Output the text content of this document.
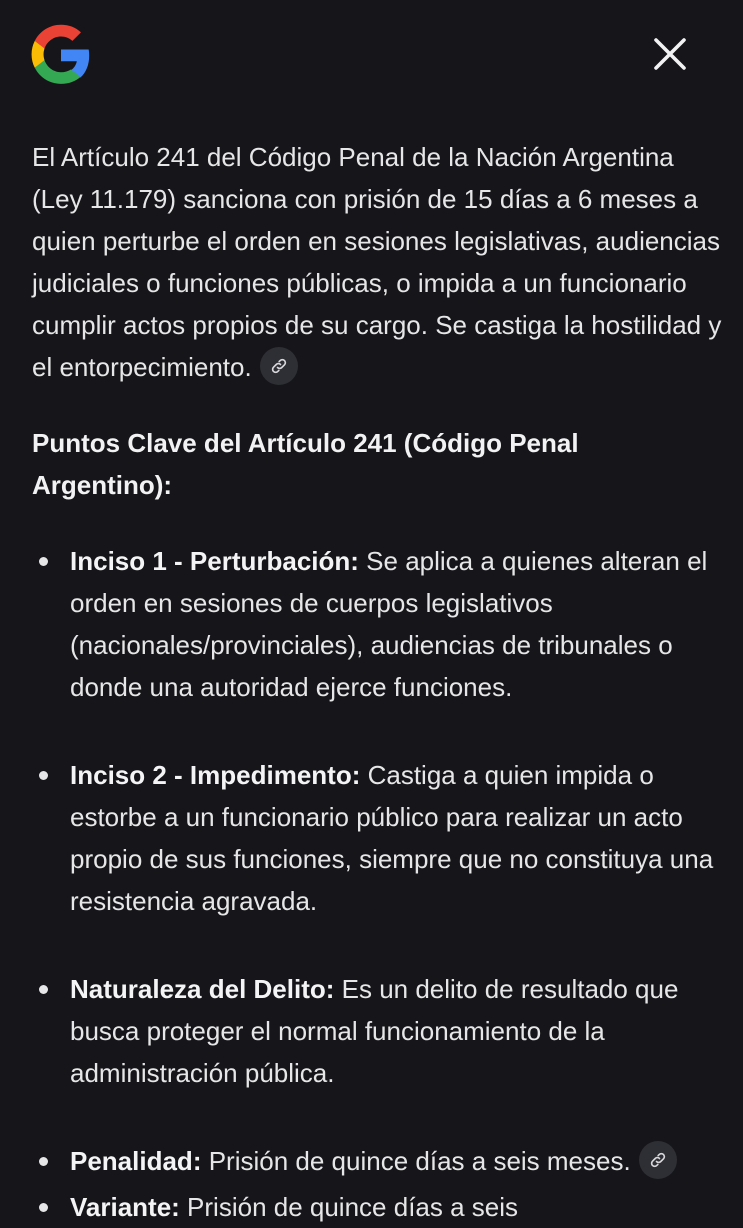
El Artículo 241 del Código Penal de la Nación Argentina (Ley 11.179) sanciona con prisión de 15 días a 6 meses a quien perturbe el orden en sesiones legislativas, audiencias judiciales o funciones públicas, o impida a un funcionario cumplir actos propios de su cargo. Se castiga la hostilidad y el entorpecimiento.

Puntos Clave del Artículo 241 (Código Penal Argentino):

Inciso 1 - Perturbación: Se aplica a quienes alteran el orden en sesiones de cuerpos legislativos (nacionales/provinciales), audiencias de tribunales o donde una autoridad ejerce funciones.
Inciso 2 - Impedimento: Castiga a quien impida o estorbe a un funcionario público para realizar un acto propio de sus funciones, siempre que no constituya una resistencia agravada.
Naturaleza del Delito: Es un delito de resultado que busca proteger el normal funcionamiento de la administración pública.
Penalidad: Prisión de quince días a seis meses.
Variante: Prisión de quince días a seis
